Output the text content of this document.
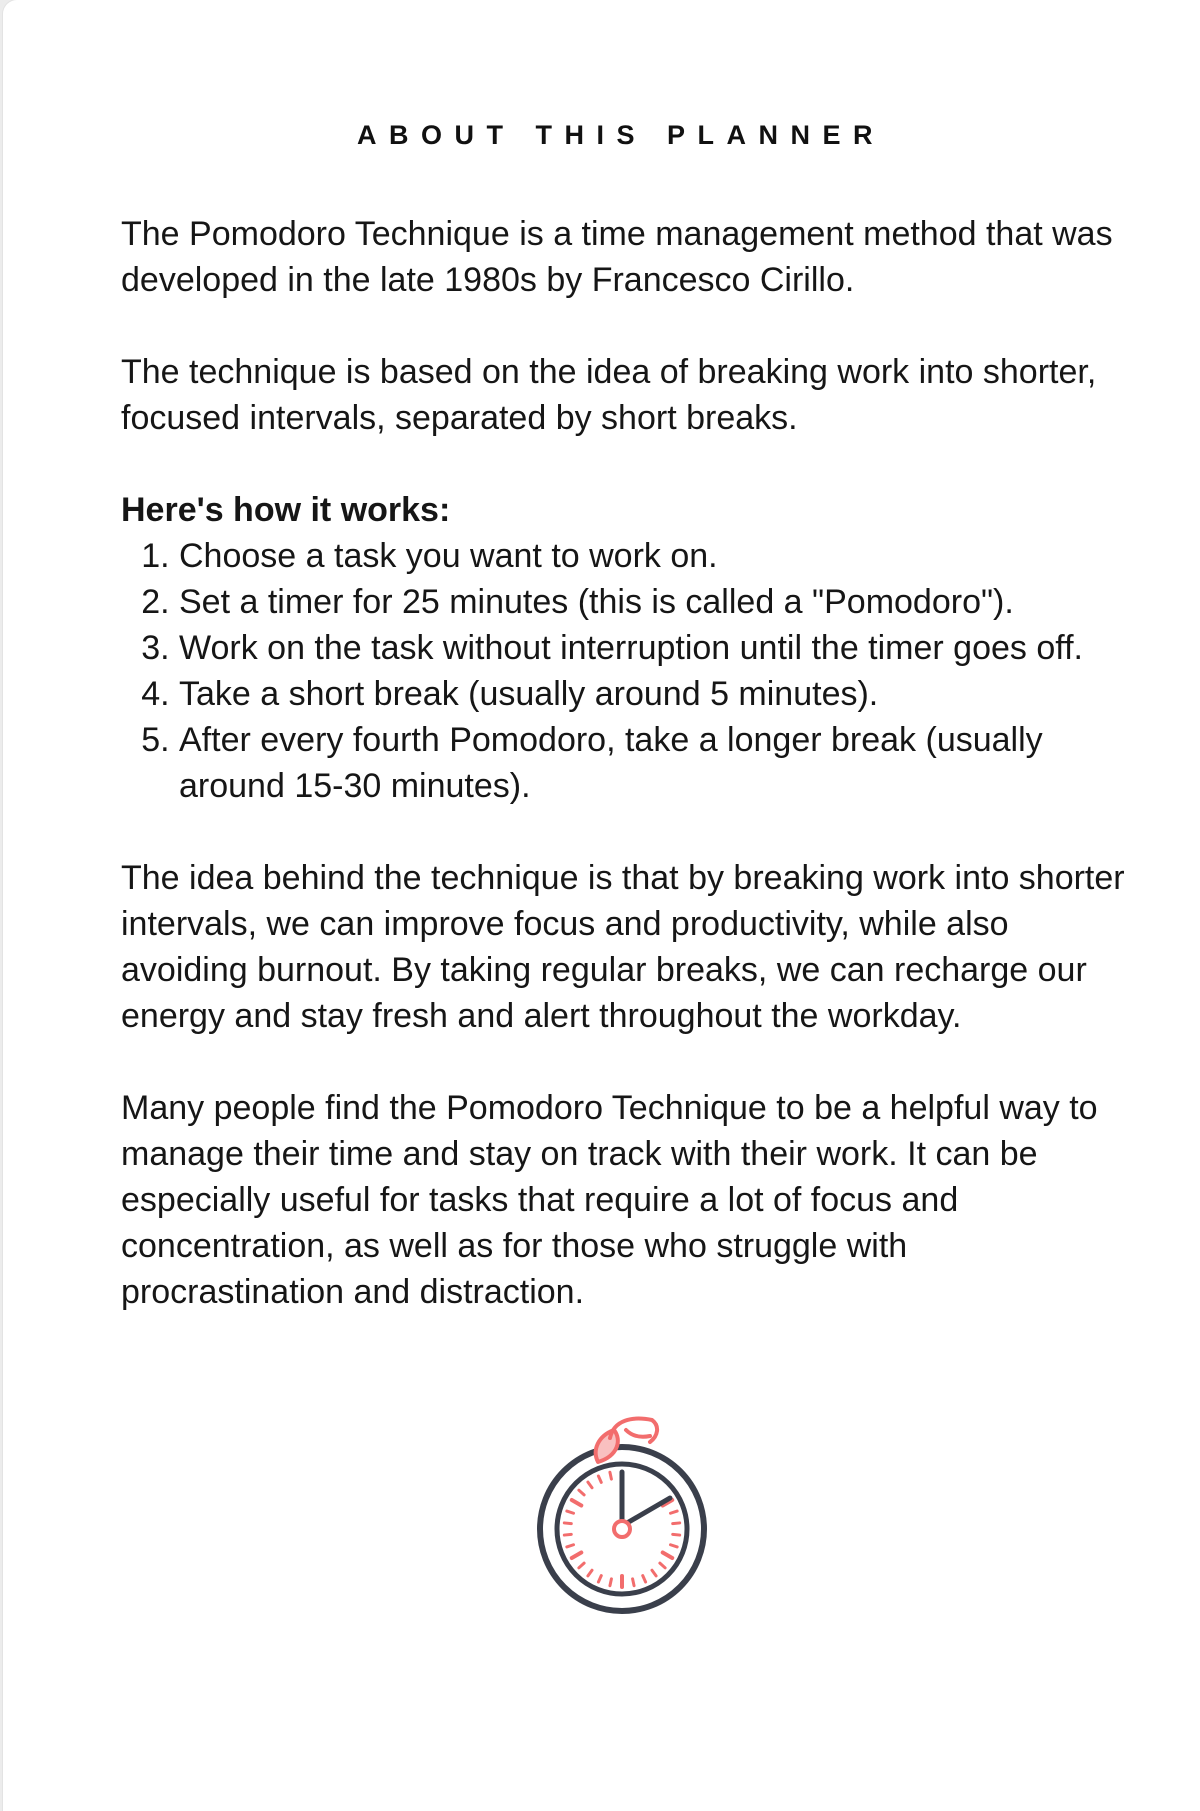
ABOUT THIS PLANNER

The Pomodoro Technique is a time management method that was developed in the late 1980s by Francesco Cirillo.

The technique is based on the idea of breaking work into shorter, focused intervals, separated by short breaks.

Here's how it works:

1. Choose a task you want to work on.
2. Set a timer for 25 minutes (this is called a "Pomodoro").
3. Work on the task without interruption until the timer goes off.
4. Take a short break (usually around 5 minutes).
5. After every fourth Pomodoro, take a longer break (usually around 15-30 minutes).

The idea behind the technique is that by breaking work into shorter intervals, we can improve focus and productivity, while also avoiding burnout. By taking regular breaks, we can recharge our energy and stay fresh and alert throughout the workday.

Many people find the Pomodoro Technique to be a helpful way to manage their time and stay on track with their work. It can be especially useful for tasks that require a lot of focus and concentration, as well as for those who struggle with procrastination and distraction.
